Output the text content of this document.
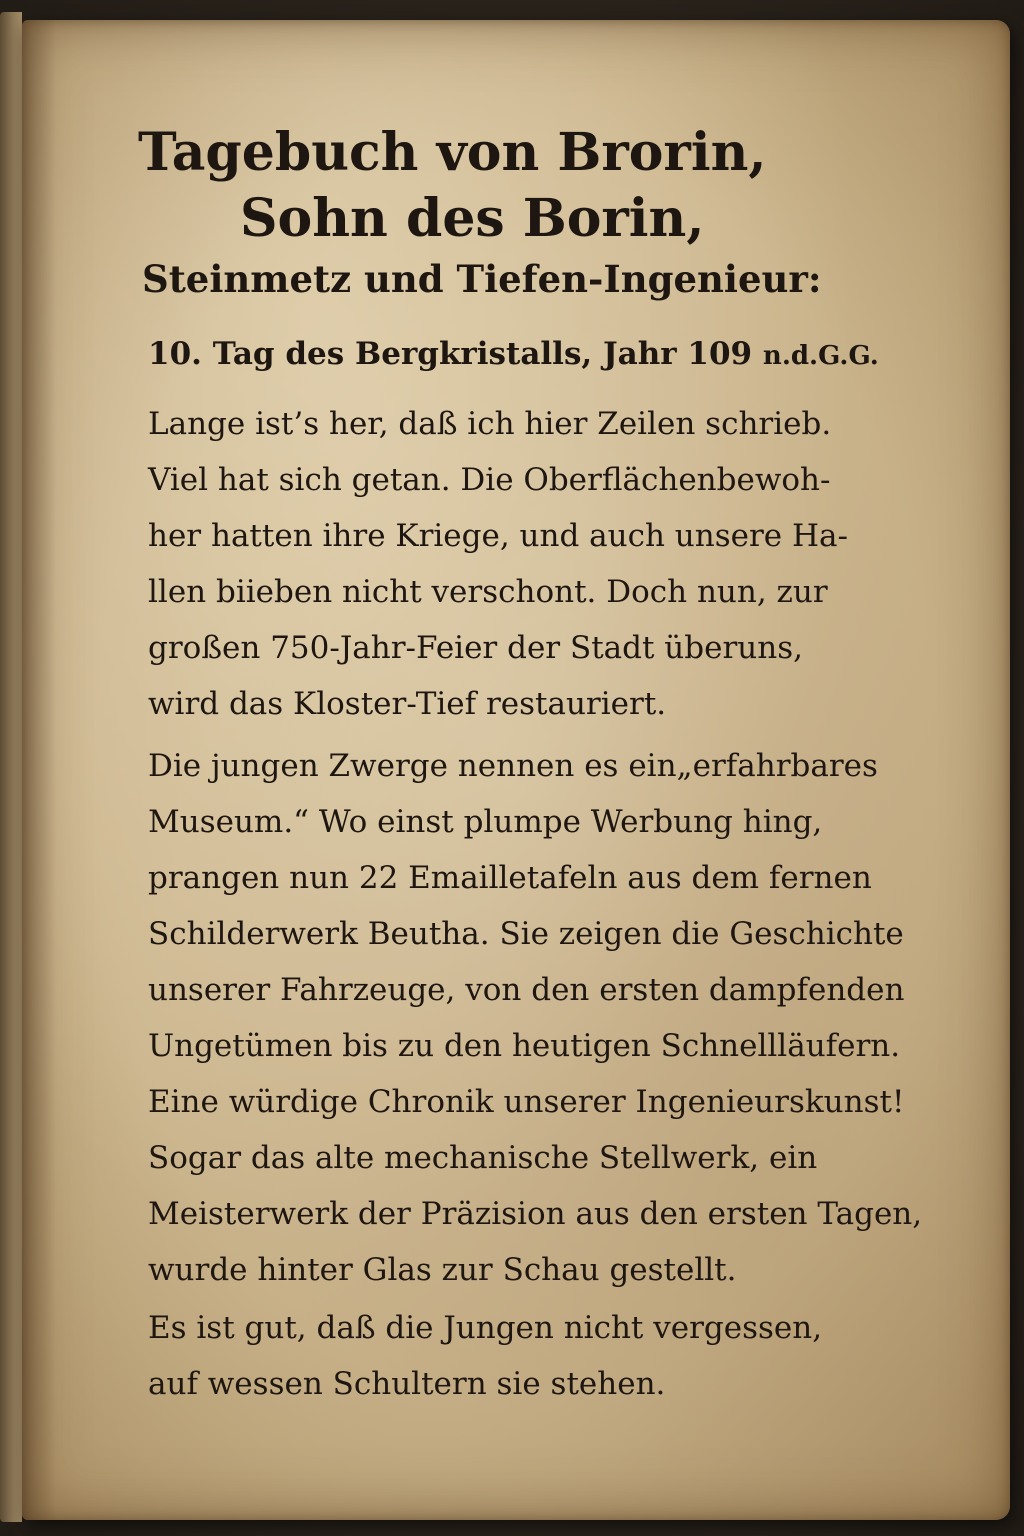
Tagebuch von Brorin,
Sohn des Borin,
Steinmetz und Tiefen-Ingenieur:
10. Tag des Bergkristalls, Jahr 109 n.d.G.G.
Lange ist’s her, daß ich hier Zeilen schrieb.
Viel hat sich getan. Die Oberflächenbewoh-
her hatten ihre Kriege, und auch unsere Ha-
llen biieben nicht verschont. Doch nun, zur
großen 750-Jahr-Feier der Stadt überuns,
wird das Kloster-Tief restauriert.
Die jungen Zwerge nennen es ein„erfahrbares
Museum.“ Wo einst plumpe Werbung hing,
prangen nun 22 Emailletafeln aus dem fernen
Schilderwerk Beutha. Sie zeigen die Geschichte
unserer Fahrzeuge, von den ersten dampfenden
Ungetümen bis zu den heutigen Schnellläufern.
Eine würdige Chronik unserer Ingenieurskunst!
Sogar das alte mechanische Stellwerk, ein
Meisterwerk der Präzision aus den ersten Tagen,
wurde hinter Glas zur Schau gestellt.
Es ist gut, daß die Jungen nicht vergessen,
auf wessen Schultern sie stehen.
